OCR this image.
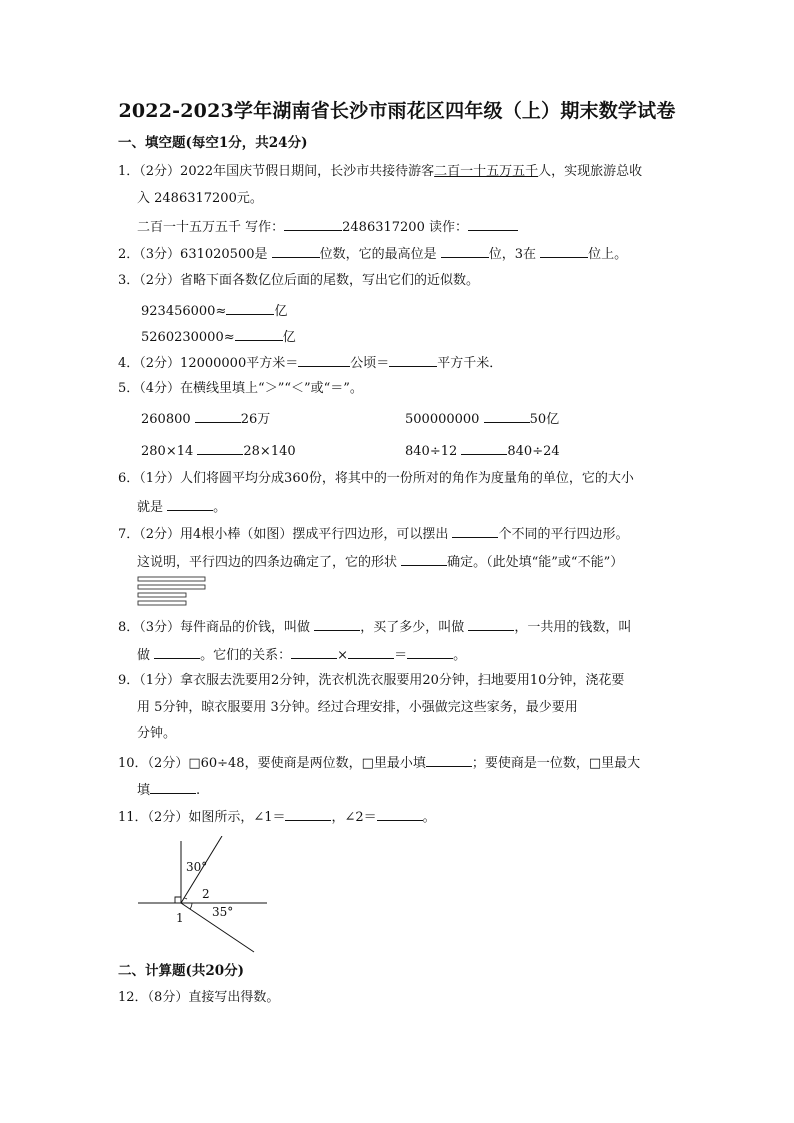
2022-2023学年湖南省长沙市雨花区四年级（上）期末数学试卷
一、填空题(每空1分，共24分)
1．（2分）2022年国庆节假日期间，长沙市共接待游客二百一十五万五千人，实现旅游总收
入 2486317200元。
二百一十五万五千 写作：	2486317200 读作：
2．（3分）631020500是	位数，它的最高位是	位，3在	位上。
3．（2分）省略下面各数亿位后面的尾数，写出它们的近似数。
923456000≈	亿
5260230000≈	亿
4．（2分）12000000平方米＝	公顷＝	平方千米．
5．（4分）在横线里填上“＞”“＜”或“＝”。
260800	26万	500000000	50亿
280×14	28×140	840÷12	840÷24
6．（1分）人们将圆平均分成360份，将其中的一份所对的角作为度量角的单位，它的大小
就是	。
7．（2分）用4根小棒（如图）摆成平行四边形，可以摆出	个不同的平行四边形。
这说明，平行四边的四条边确定了，它的形状	确定。（此处填“能”或“不能”）
8．（3分）每件商品的价钱，叫做	，买了多少，叫做	，一共用的钱数，叫
做	。它们的关系：	×	＝	。
9．（1分）拿衣服去洗要用2分钟，洗衣机洗衣服要用20分钟，扫地要用10分钟，浇花要
用 5分钟，晾衣服要用 3分钟。经过合理安排，小强做完这些家务，最少要用
分钟。
10．（2分）□60÷48，要使商是两位数，□里最小填	；要使商是一位数，□里最大
填	.
11．（2分）如图所示，∠1＝	，∠2＝	。
30°
2
1 35°
二、计算题(共20分)
12．（8分）直接写出得数。
